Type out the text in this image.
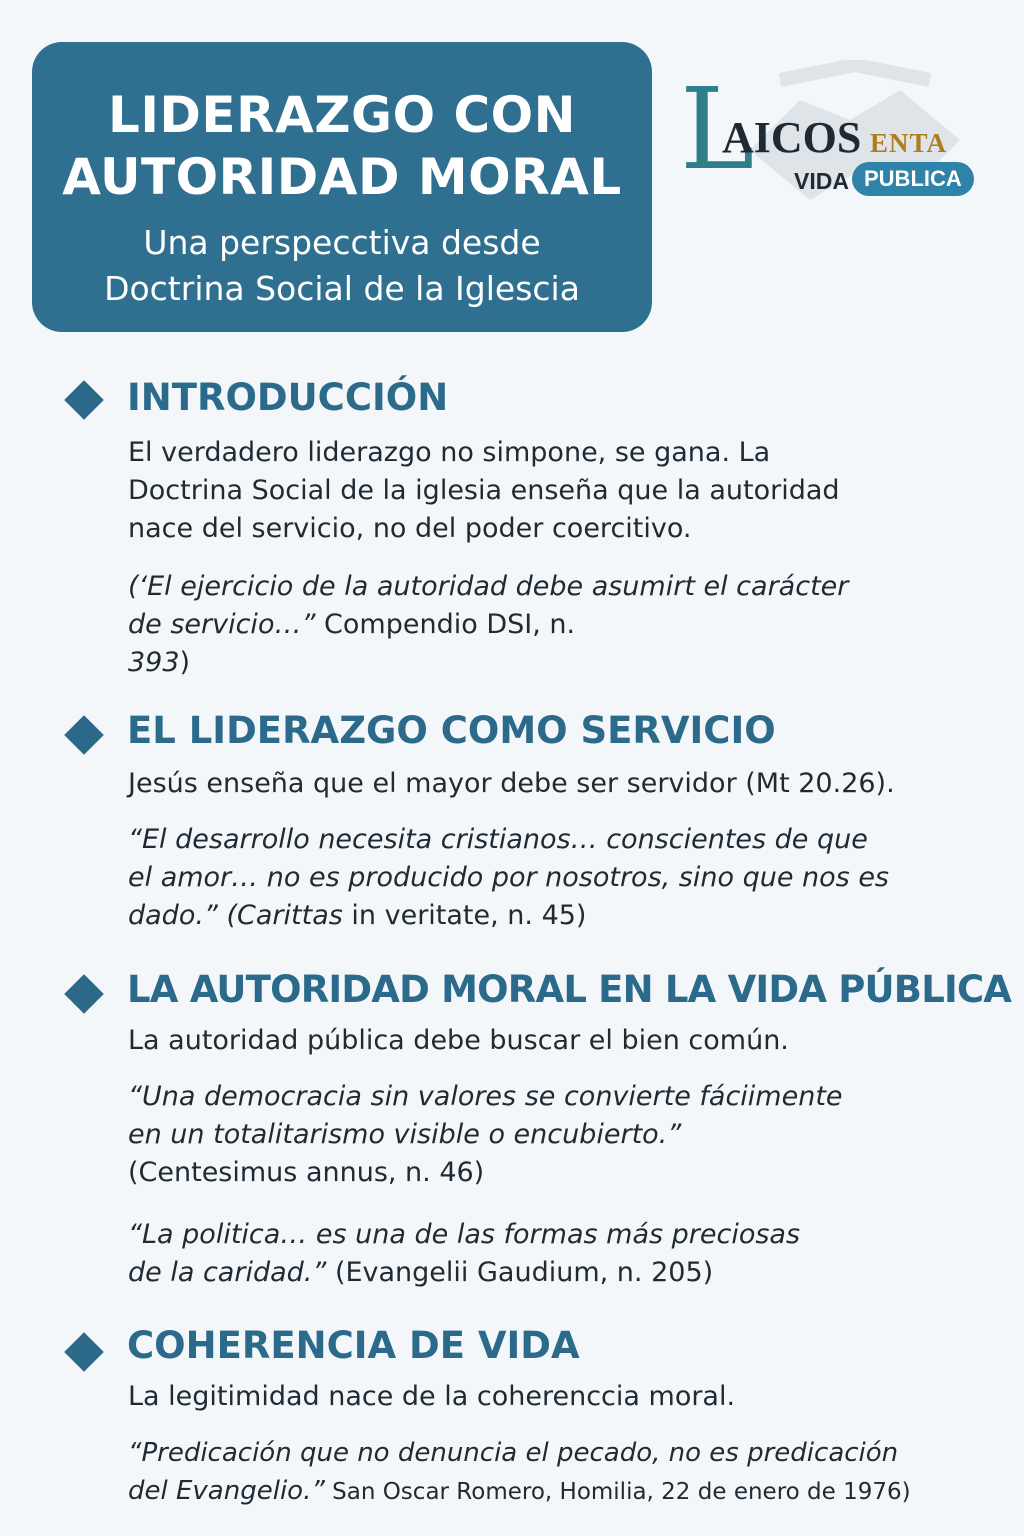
LIDERAZGO CON
AUTORIDAD MORAL
Una perspecctiva desde
Doctrina Social de la Iglescia
L
AICOS ENTA
VIDA PUBLICA
INTRODUCCIÓN
El verdadero liderazgo no simpone, se gana. La
Doctrina Social de la iglesia enseña que la autoridad
nace del servicio, no del poder coercitivo.
(‘El ejercicio de la autoridad debe asumirt el carácter
de servicio…” Compendio DSI, n.
393)
EL LIDERAZGO COMO SERVICIO
Jesús enseña que el mayor debe ser servidor (Mt 20.26).
“El desarrollo necesita cristianos… conscientes de que
el amor… no es producido por nosotros, sino que nos es
dado.” (Carittas in veritate, n. 45)
LA AUTORIDAD MORAL EN LA VIDA PÚBLICA
La autoridad pública debe buscar el bien común.
“Una democracia sin valores se convierte fáciimente
en un totalitarismo visible o encubierto.”
(Centesimus annus, n. 46)
“La politica… es una de las formas más preciosas
de la caridad.” (Evangelii Gaudium, n. 205)
COHERENCIA DE VIDA
La legitimidad nace de la coherenccia moral.
“Predicación que no denuncia el pecado, no es predicación
del Evangelio.” San Oscar Romero, Homilia, 22 de enero de 1976)
